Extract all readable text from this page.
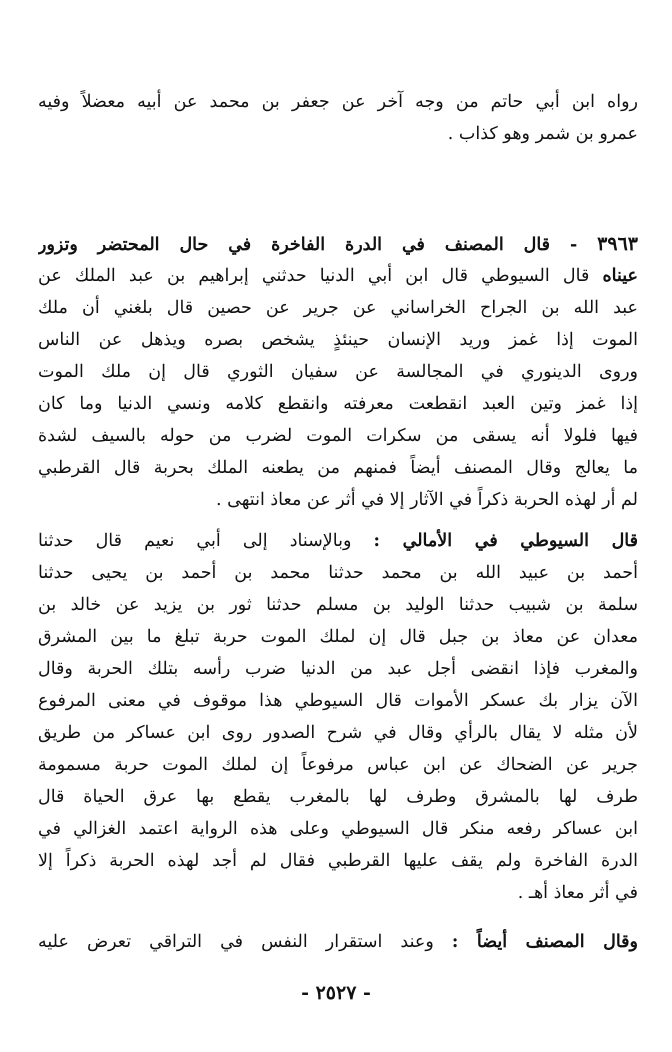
رواه ابن أبي حاتم من وجه آخر عن جعفر بن محمد عن أبيه معضلاً وفيه
عمرو بن شمر وهو كذاب .
٣٩٦٣ - قال المصنف في الدرة الفاخرة في حال المحتضر وتزور
عيناه قال السيوطي قال ابن أبي الدنيا حدثني إبراهيم بن عبد الملك عن
عبد الله بن الجراح الخراساني عن جرير عن حصين قال بلغني أن ملك
الموت إذا غمز وريد الإنسان حينئذٍ يشخص بصره ويذهل عن الناس
وروى الدينوري في المجالسة عن سفيان الثوري قال إن ملك الموت
إذا غمز وتين العبد انقطعت معرفته وانقطع كلامه ونسي الدنيا وما كان
فيها فلولا أنه يسقى من سكرات الموت لضرب من حوله بالسيف لشدة
ما يعالج وقال المصنف أيضاً فمنهم من يطعنه الملك بحربة قال القرطبي
لم أر لهذه الحربة ذكراً في الآثار إلا في أثر عن معاذ انتهى .
قال السيوطي في الأمالي : وبالإسناد إلى أبي نعيم قال حدثنا
أحمد بن عبيد الله بن محمد حدثنا محمد بن أحمد بن يحيى حدثنا
سلمة بن شبيب حدثنا الوليد بن مسلم حدثنا ثور بن يزيد عن خالد بن
معدان عن معاذ بن جبل قال إن لملك الموت حربة تبلغ ما بين المشرق
والمغرب فإذا انقضى أجل عبد من الدنيا ضرب رأسه بتلك الحربة وقال
الآن يزار بك عسكر الأموات قال السيوطي هذا موقوف في معنى المرفوع
لأن مثله لا يقال بالرأي وقال في شرح الصدور روى ابن عساكر من طريق
جرير عن الضحاك عن ابن عباس مرفوعاً إن لملك الموت حربة مسمومة
طرف لها بالمشرق وطرف لها بالمغرب يقطع بها عرق الحياة قال
ابن عساكر رفعه منكر قال السيوطي وعلى هذه الرواية اعتمد الغزالي في
الدرة الفاخرة ولم يقف عليها القرطبي فقال لم أجد لهذه الحربة ذكراً إلا
في أثر معاذ أهـ .
وقال المصنف أيضاً : وعند استقرار النفس في التراقي تعرض عليه
- ٢٥٢٧ -
